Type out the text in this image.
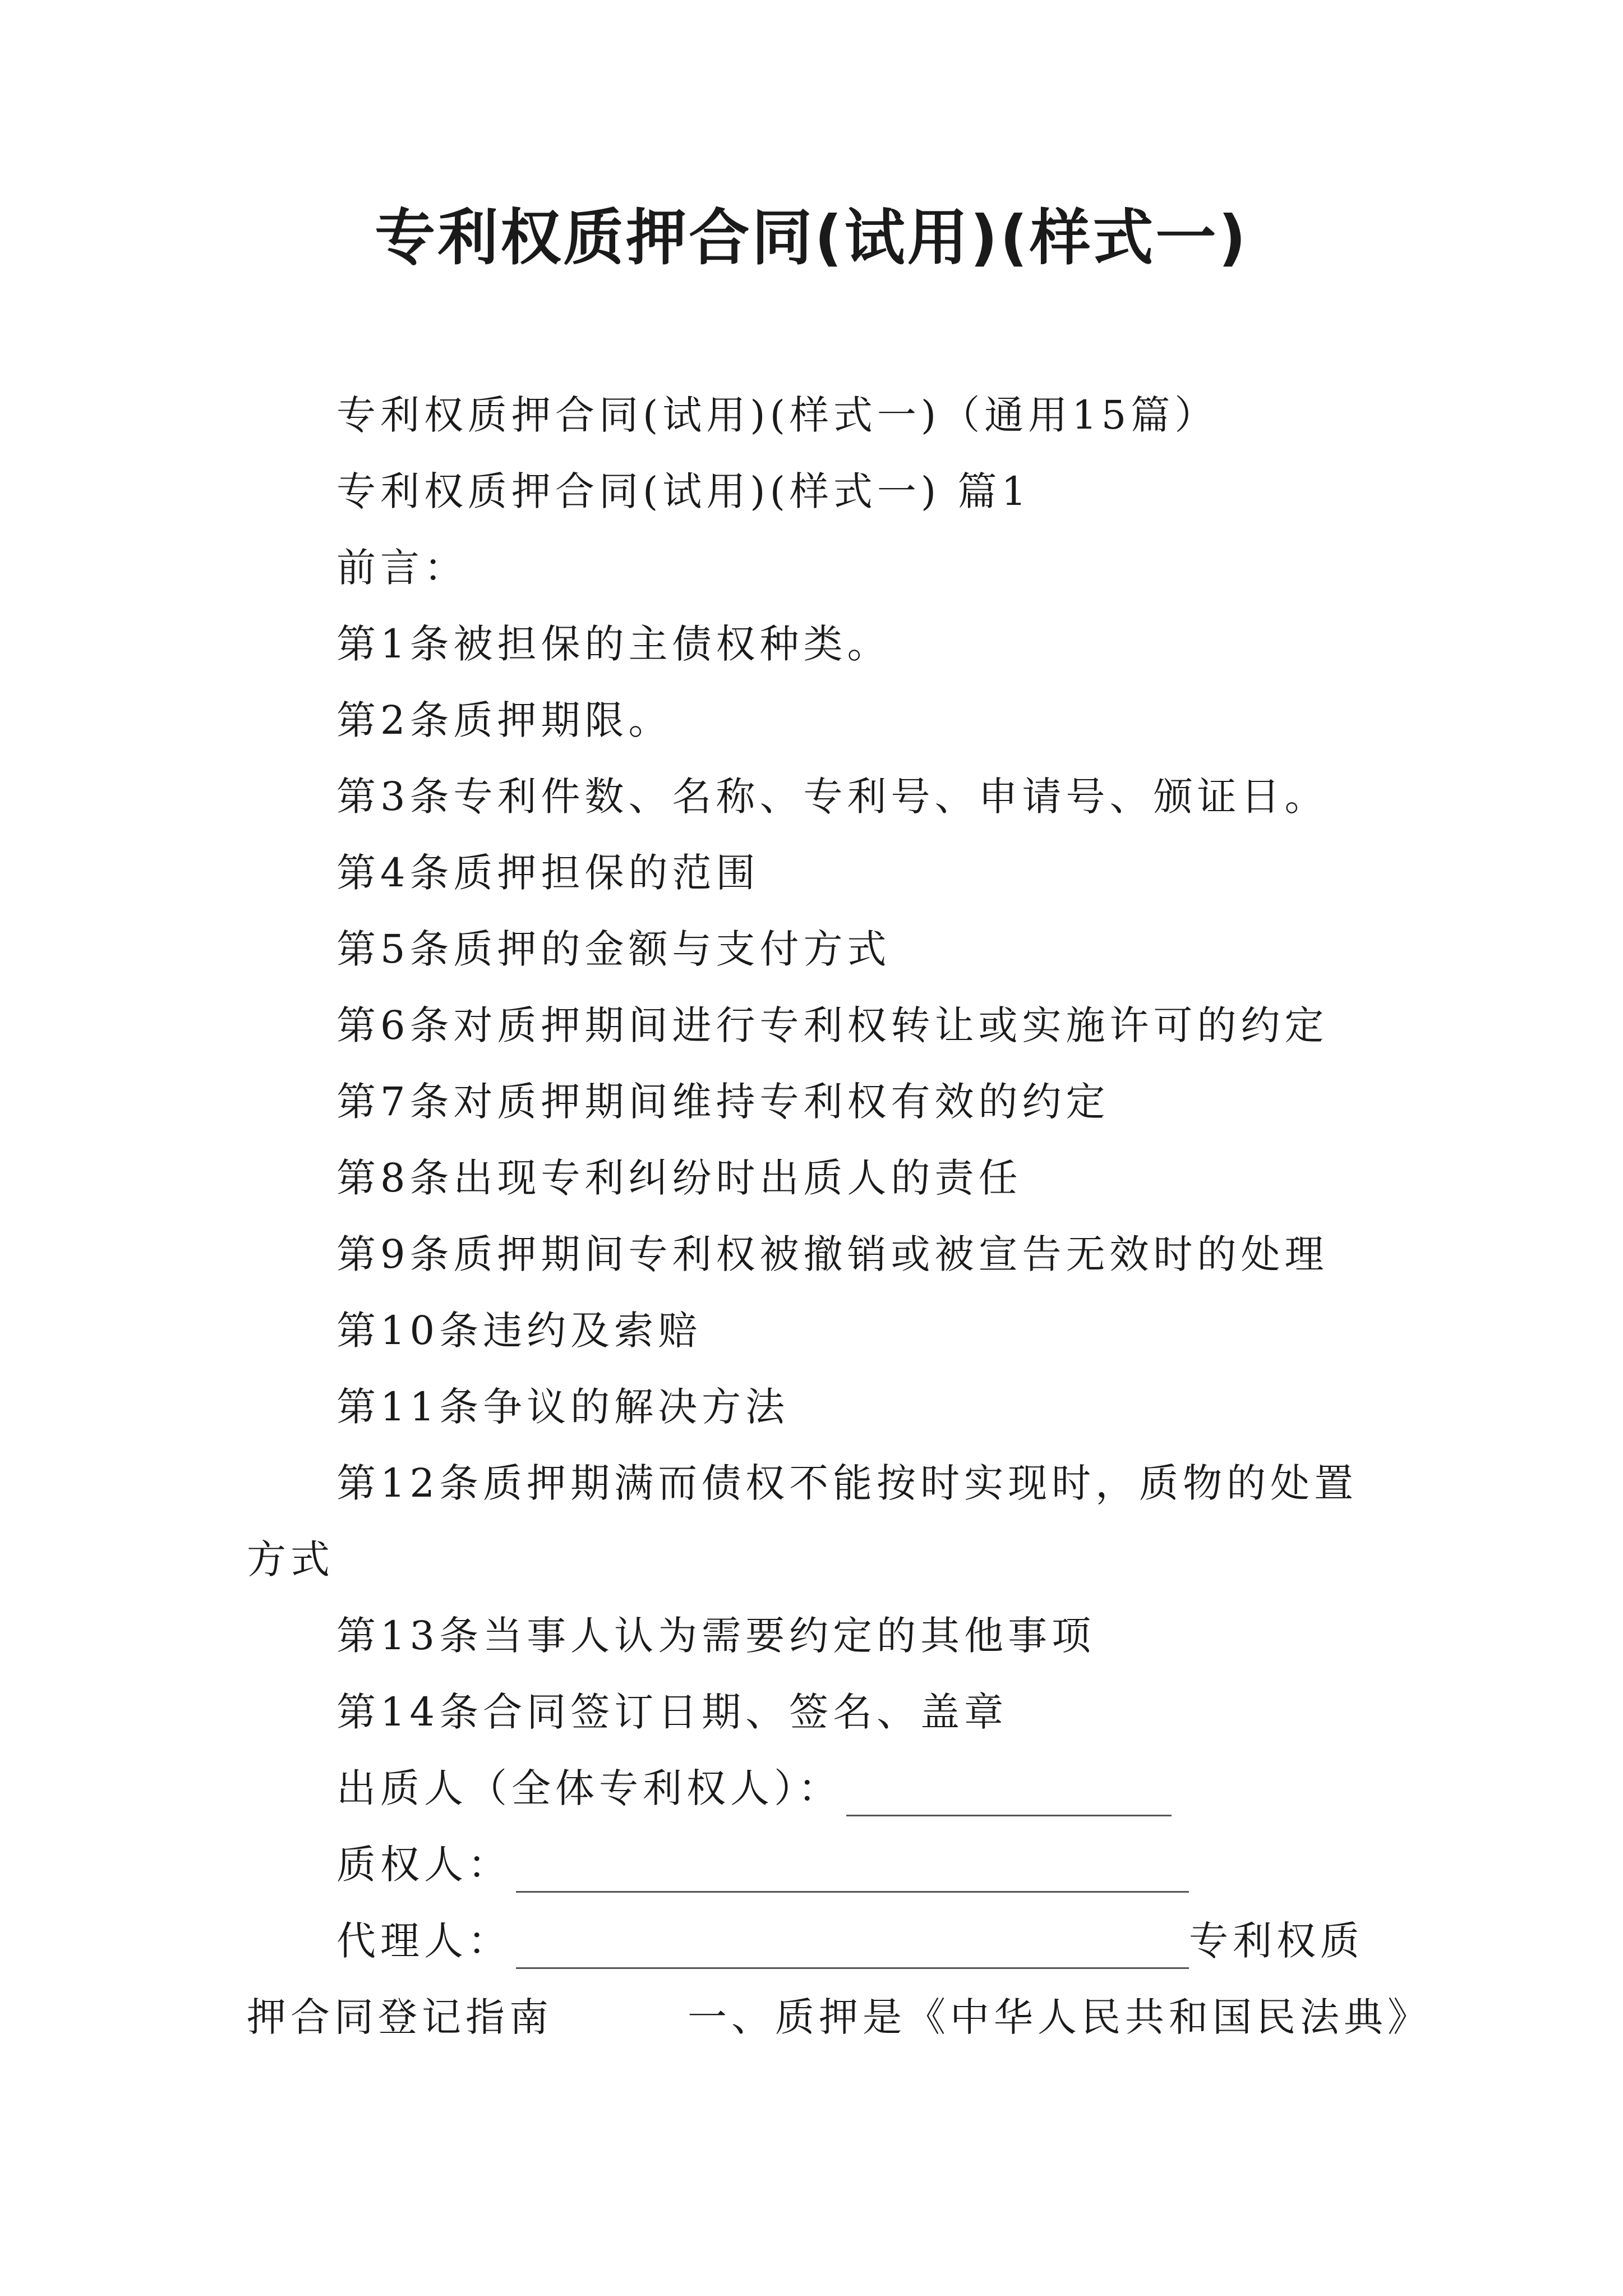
专利权质押合同(试用)(样式一)
专利权质押合同(试用)(样式一)（通用15篇）
专利权质押合同(试用)(样式一) 篇1
前言：
第1条被担保的主债权种类。
第2条质押期限。
第3条专利件数、名称、专利号、申请号、颁证日。
第4条质押担保的范围
第5条质押的金额与支付方式
第6条对质押期间进行专利权转让或实施许可的约定
第7条对质押期间维持专利权有效的约定
第8条出现专利纠纷时出质人的责任
第9条质押期间专利权被撤销或被宣告无效时的处理
第10条违约及索赔
第11条争议的解决方法
第12条质押期满而债权不能按时实现时，质物的处置
方式
第13条当事人认为需要约定的其他事项
第14条合同签订日期、签名、盖章
出质人（全体专利权人）：
质权人：
代理人：	专利权质
押合同登记指南	一、质押是《中华人民共和国民法典》
